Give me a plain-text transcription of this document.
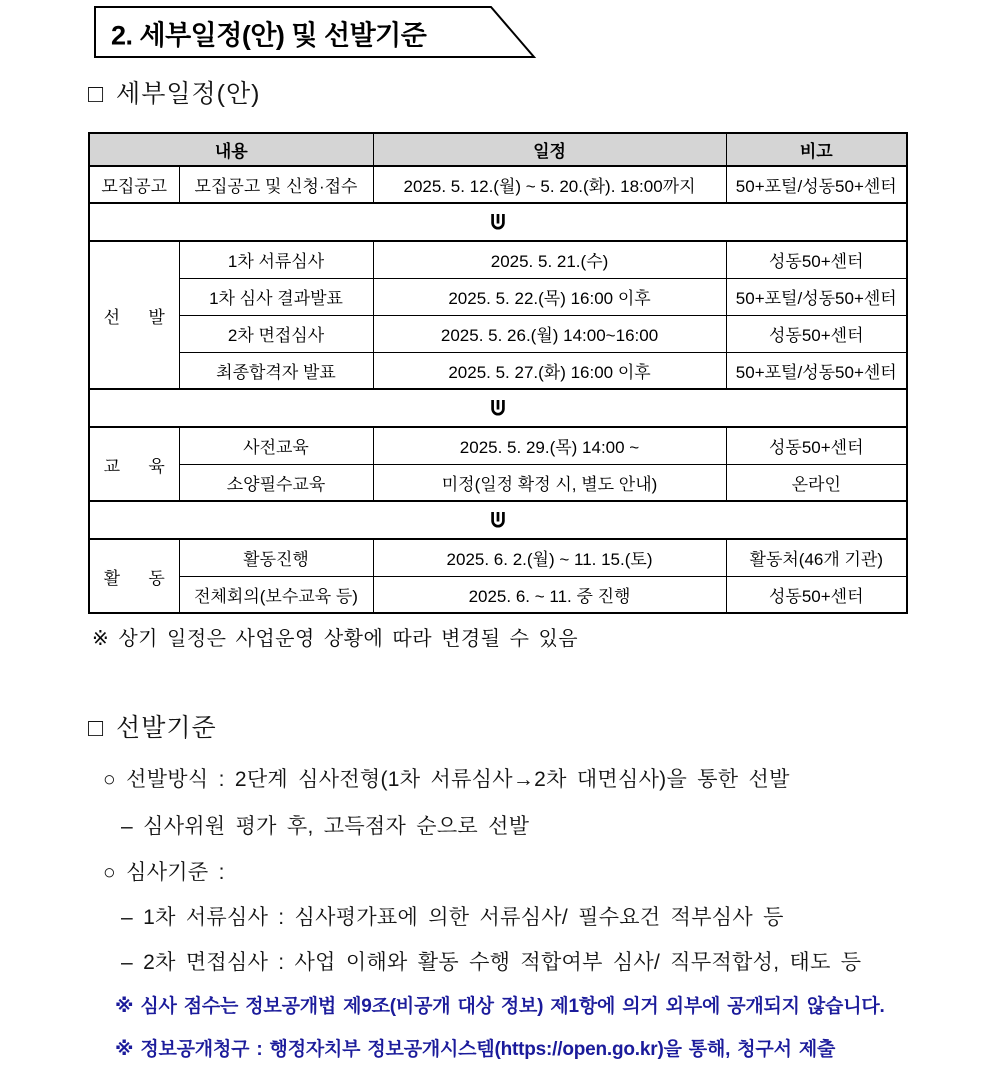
2. 세부일정(안) 및 선발기준
□ 세부일정(안)
내용		일정	비고
모집공고	모집공고 및 신청·접수	2025. 5. 12.(월) ~ 5. 20.(화). 18:00까지	50+포털/성동50+센터

선      발	1차 서류심사	2025. 5. 21.(수)	성동50+센터
	1차 심사 결과발표	2025. 5. 22.(목) 16:00 이후	50+포털/성동50+센터
	2차 면접심사	2025. 5. 26.(월) 14:00~16:00	성동50+센터
	최종합격자 발표	2025. 5. 27.(화) 16:00 이후	50+포털/성동50+센터

교      육	사전교육	2025. 5. 29.(목) 14:00 ~	성동50+센터
	소양필수교육	미정(일정 확정 시, 별도 안내)	온라인

활      동	활동진행	2025. 6. 2.(월) ~ 11. 15.(토)	활동처(46개 기관)
	전체회의(보수교육 등)	2025. 6. ~ 11. 중 진행	성동50+센터
※ 상기 일정은 사업운영 상황에 따라 변경될 수 있음
□ 선발기준
○ 선발방식 : 2단계 심사전형(1차 서류심사→2차 대면심사)을 통한 선발
– 심사위원 평가 후, 고득점자 순으로 선발
○ 심사기준 :
– 1차 서류심사 : 심사평가표에 의한 서류심사/ 필수요건 적부심사 등
– 2차 면접심사 : 사업 이해와 활동 수행 적합여부 심사/ 직무적합성, 태도 등
※ 심사 점수는 정보공개법 제9조(비공개 대상 정보) 제1항에 의거 외부에 공개되지 않습니다.
※ 정보공개청구 : 행정자치부 정보공개시스템(https://open.go.kr)을 통해, 청구서 제출
